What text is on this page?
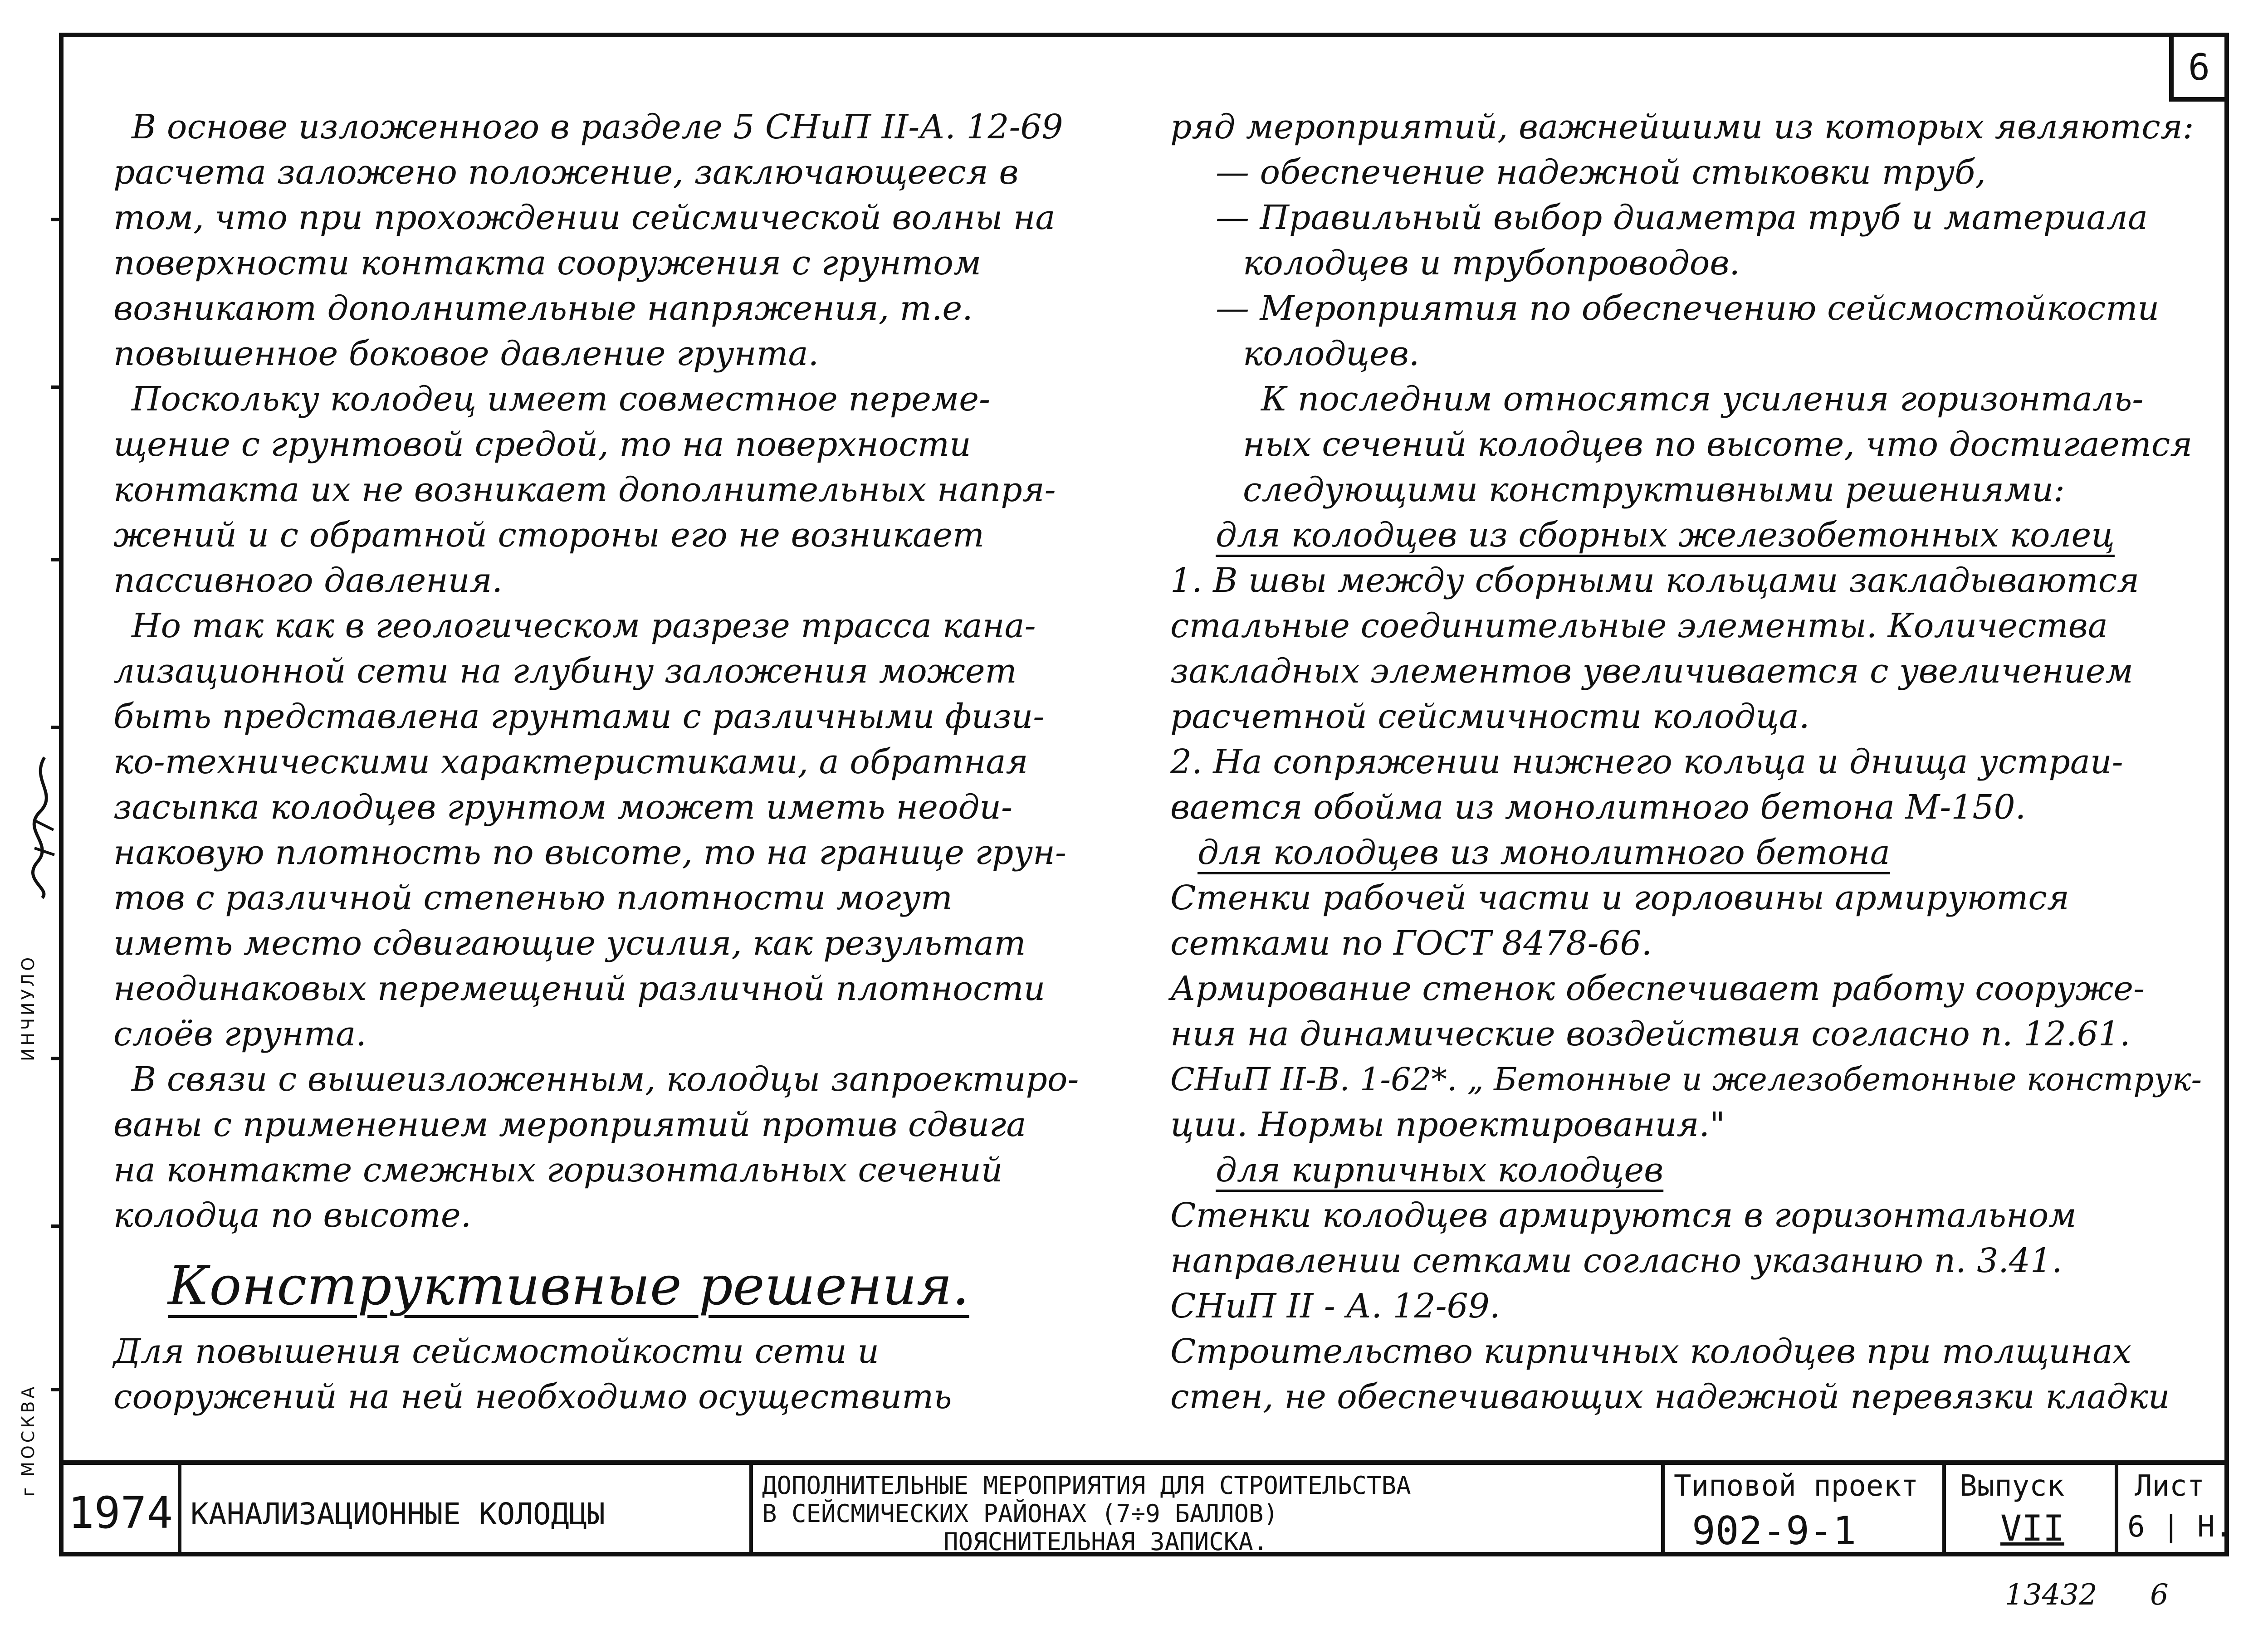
ИНЧИУЛО
г МОСКВА
6

В основе изложенного в разделе 5 СНиП II-А. 12-69

расчета заложено положение, заключающееся в

том, что при прохождении сейсмической волны на

поверхности контакта сооружения с грунтом

возникают дополнительные напряжения, т.е.

повышенное боковое давление грунта.

Поскольку колодец имеет совместное переме-

щение с грунтовой средой, то на поверхности

контакта их не возникает дополнительных напря-

жений и с обратной стороны его не возникает

пассивного давления.

Но так как в геологическом разрезе трасса кана-

лизационной сети на глубину заложения может

быть представлена грунтами с различными физи-

ко-техническими характеристиками, а обратная

засыпка колодцев грунтом может иметь неоди-

наковую плотность по высоте, то на границе грун-

тов с различной степенью плотности могут

иметь место сдвигающие усилия, как результат

неодинаковых перемещений различной плотности

слоёв грунта.

В связи с вышеизложенным, колодцы запроектиро-

ваны с применением мероприятий против сдвига

на контакте смежных горизонтальных сечений

колодца по высоте.

Конструктивные решения.

Для повышения сейсмостойкости сети и

сооружений на ней необходимо осуществить

ряд мероприятий, важнейшими из которых являются:

— обеспечение надежной стыковки труб,

— Правильный выбор диаметра труб и материала

колодцев и трубопроводов.

— Мероприятия по обеспечению сейсмостойкости

колодцев.

К последним относятся усиления горизонталь-

ных сечений колодцев по высоте, что достигается

следующими конструктивными решениями:

для колодцев из сборных железобетонных колец

1. В швы между сборными кольцами закладываются

стальные соединительные элементы. Количества

закладных элементов увеличивается с увеличением

расчетной сейсмичности колодца.

2. На сопряжении нижнего кольца и днища устраи-

вается обойма из монолитного бетона М-150.

для колодцев из монолитного бетона

Стенки рабочей части и горловины армируются

сетками по ГОСТ 8478-66.

Армирование стенок обеспечивает работу сооруже-

ния на динамические воздействия согласно п. 12.61.

СНиП II-В. 1-62*. „ Бетонные и железобетонные конструк-

ции. Нормы проектирования."

для кирпичных колодцев

Стенки колодцев армируются в горизонтальном

направлении сетками согласно указанию п. 3.41.

СНиП II - А. 12-69.

Строительство кирпичных колодцев при толщинах

стен, не обеспечивающих надежной перевязки кладки

1974 КАНАЛИЗАЦИОННЫЕ КОЛОДЦЫ
ДОПОЛНИТЕЛЬНЫЕ МЕРОПРИЯТИЯ ДЛЯ СТРОИТЕЛЬСТВА
В СЕЙСМИЧЕСКИХ РАЙОНАХ (7÷9 БАЛЛОВ)
ПОЯСНИТЕЛЬНАЯ ЗАПИСКА.
Типовой проект
902-9-1
Выпуск
VII
Лист
6 | Н.
13432 6
